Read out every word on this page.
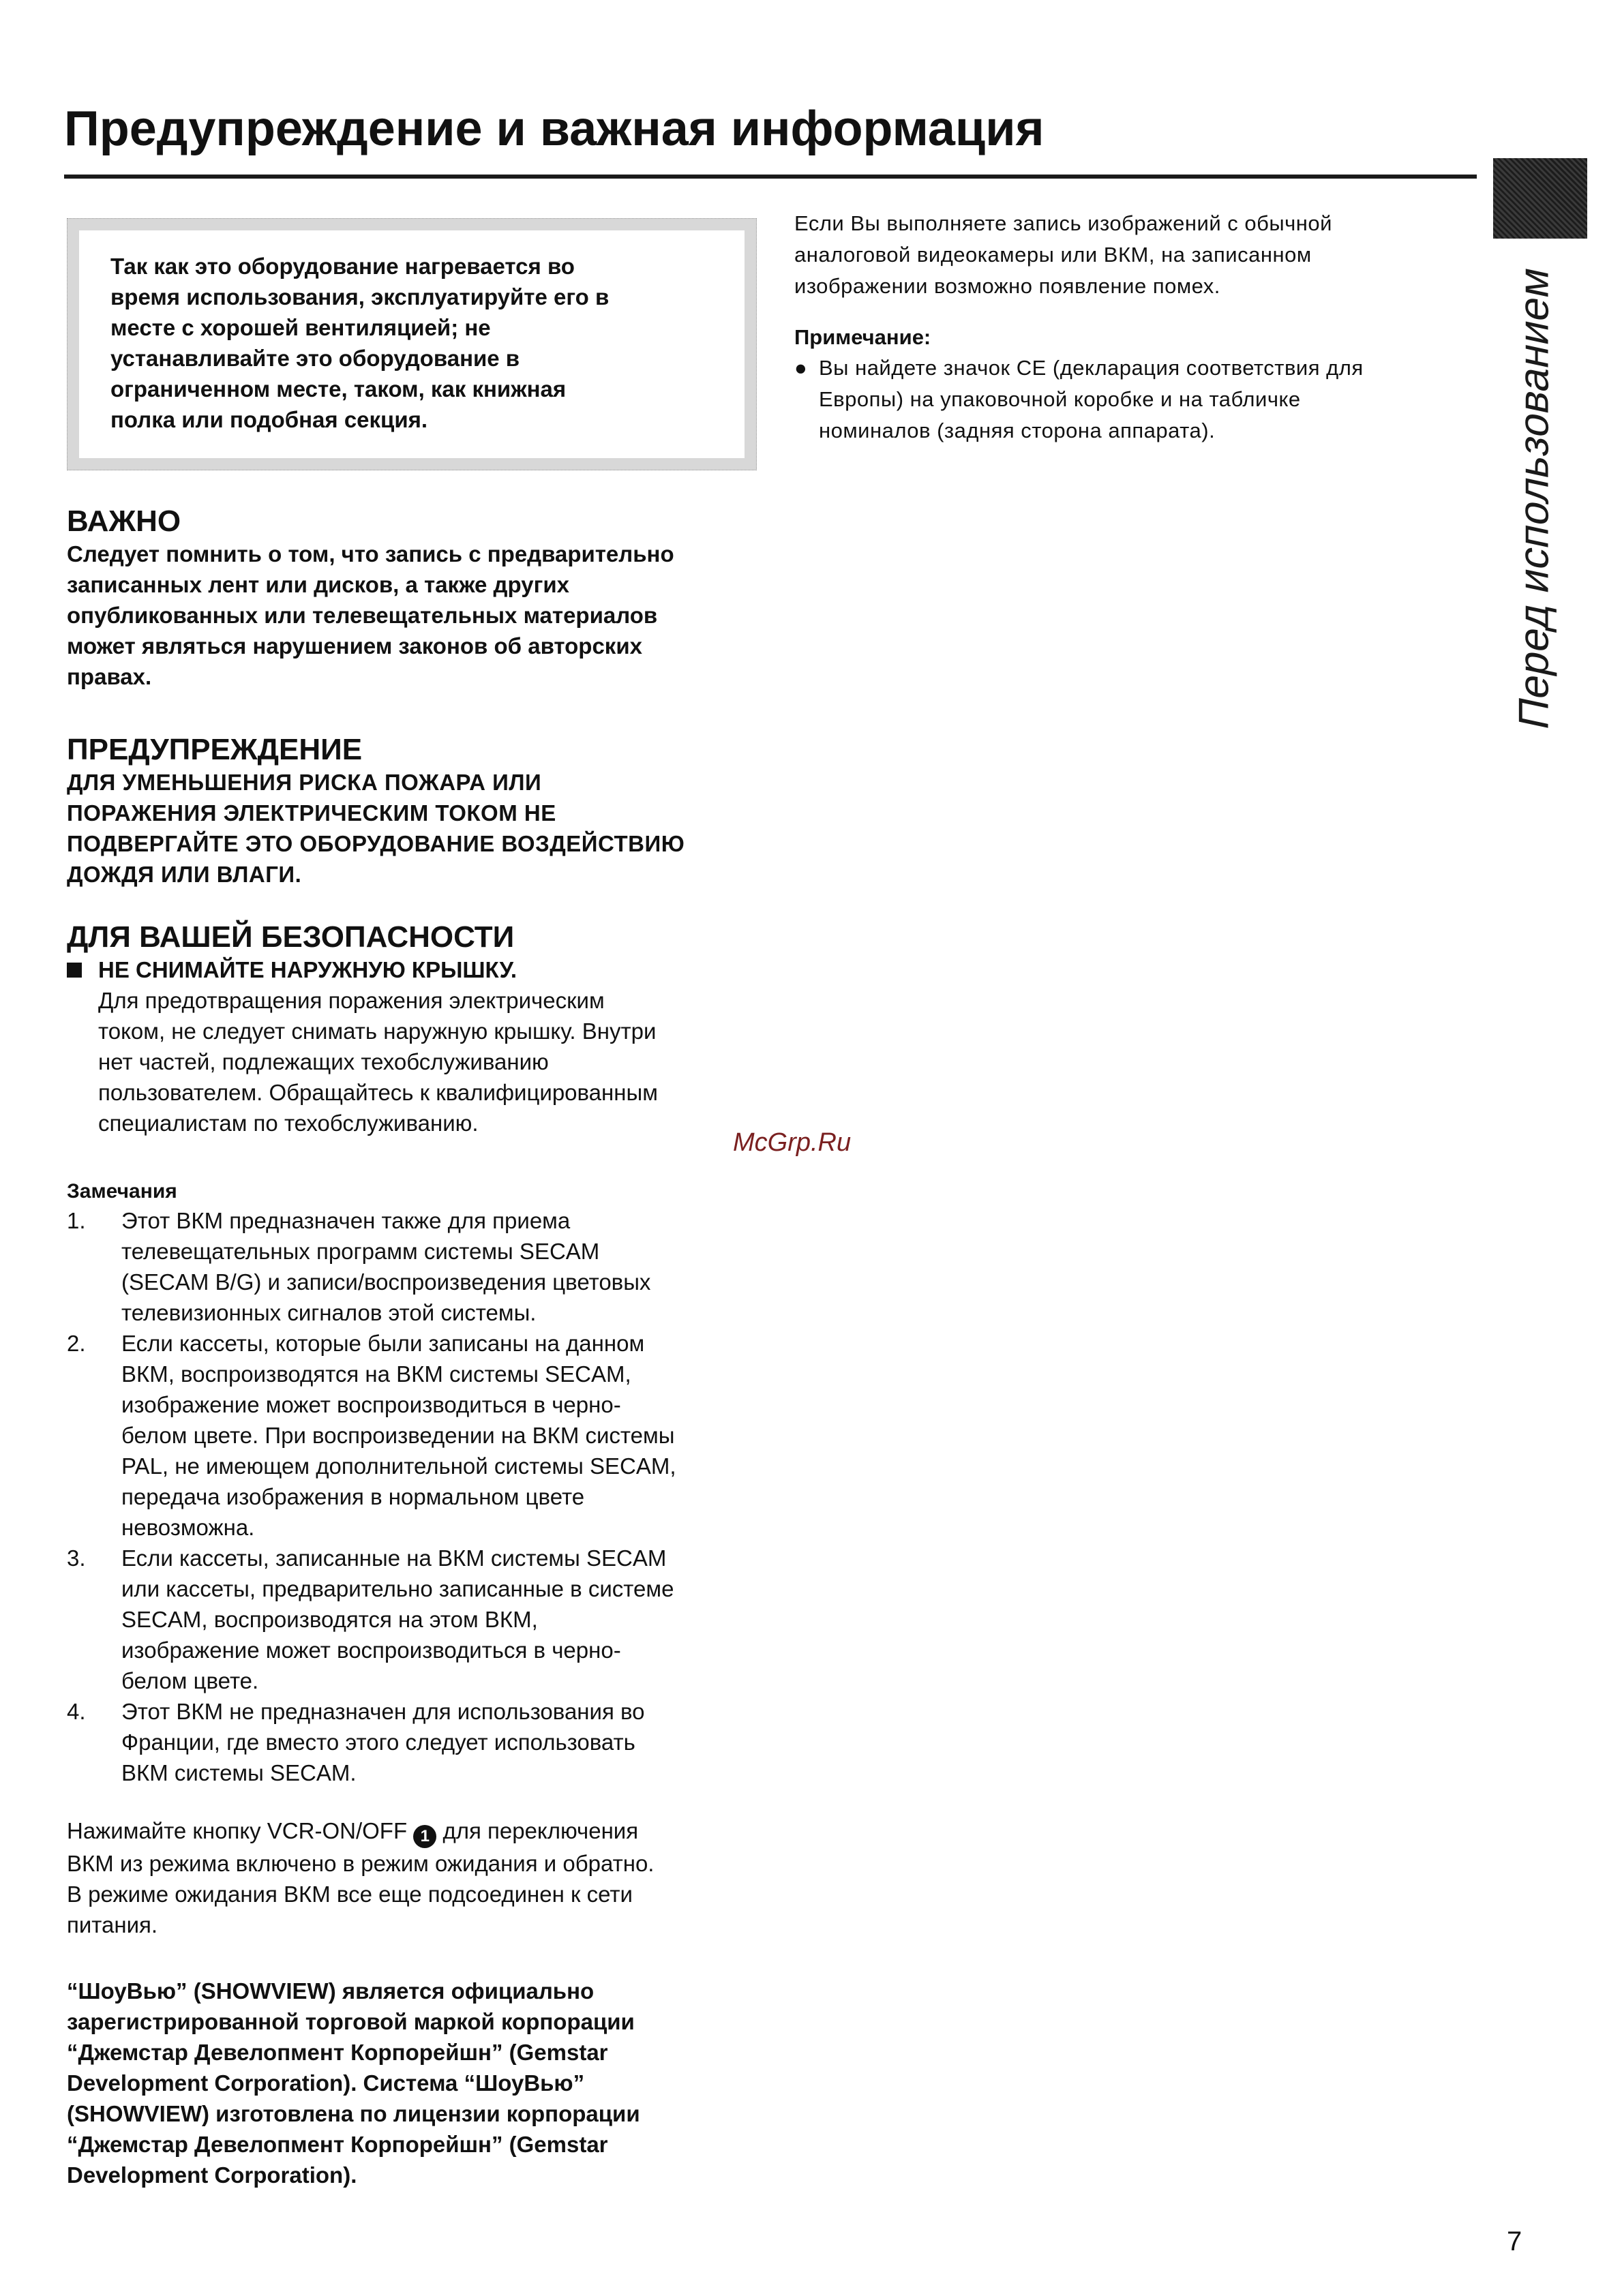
Предупреждение и важная информация
Перед использованием

Так как это оборудование нагревается во

время использования, эксплуатируйте его в

месте с хорошей вентиляцией; не

устанавливайте это оборудование в

ограниченном месте, таком, как книжная

полка или подобная секция.

ВАЖНО

Следует помнить о том, что запись с предварительно

записанных лент или дисков, а также других

опубликованных или телевещательных материалов

может являться нарушением законов об авторских

правах.

ПРЕДУПРЕЖДЕНИЕ

ДЛЯ УМЕНЬШЕНИЯ РИСКА ПОЖАРА ИЛИ

ПОРАЖЕНИЯ ЭЛЕКТРИЧЕСКИМ ТОКОМ НЕ

ПОДВЕРГАЙТЕ ЭТО ОБОРУДОВАНИЕ ВОЗДЕЙСТВИЮ

ДОЖДЯ ИЛИ ВЛАГИ.

ДЛЯ ВАШЕЙ БЕЗОПАСНОСТИ
НЕ СНИМАЙТЕ НАРУЖНУЮ КРЫШКУ.

Для предотвращения поражения электрическим

током, не следует снимать наружную крышку. Внутри

нет частей, подлежащих техобслуживанию

пользователем. Обращайтесь к квалифицированным

специалистам по техобслуживанию.

Замечания
1.	Этот ВКМ предназначен также для приема
телевещательных программ системы SECAM
(SECAM B/G) и записи/воспроизведения цветовых
телевизионных сигналов этой системы.
2.	Если кассеты, которые были записаны на данном
ВКМ, воспроизводятся на ВКМ системы SECAM,
изображение может воспроизводиться в черно-
белом цвете. При воспроизведении на ВКМ системы
PAL, не имеющем дополнительной системы SECAM,
передача изображения в нормальном цвете
невозможна.
3.	Если кассеты, записанные на ВКМ системы SECAM
или кассеты, предварительно записанные в системе
SECAM, воспроизводятся на этом ВКМ,
изображение может воспроизводиться в черно-
белом цвете.
4.	Этот ВКМ не предназначен для использования во
Франции, где вместо этого следует использовать
ВКМ системы SECAM.

Нажимайте кнопку VCR-ON/OFF 1 для переключения

ВКМ из режима включено в режим ожидания и обратно.

В режиме ожидания ВКМ все еще подсоединен к сети

питания.

“ШоуВью” (SHOWVIEW) является официально

зарегистрированной торговой маркой корпорации

“Джемстар Девелопмент Корпорейшн” (Gemstar

Development Corporation). Система “ШоуВью”

(SHOWVIEW) изготовлена по лицензии корпорации

“Джемстар Девелопмент Корпорейшн” (Gemstar

Development Corporation).

Если Вы выполняете запись изображений с обычной

аналоговой видеокамеры или ВКМ, на записанном

изображении возможно появление помех.

Примечание:
● Вы найдете значок CE (декларация соответствия для
Европы) на упаковочной коробке и на табличке
номиналов (задняя сторона аппарата).
McGrp.Ru
7
